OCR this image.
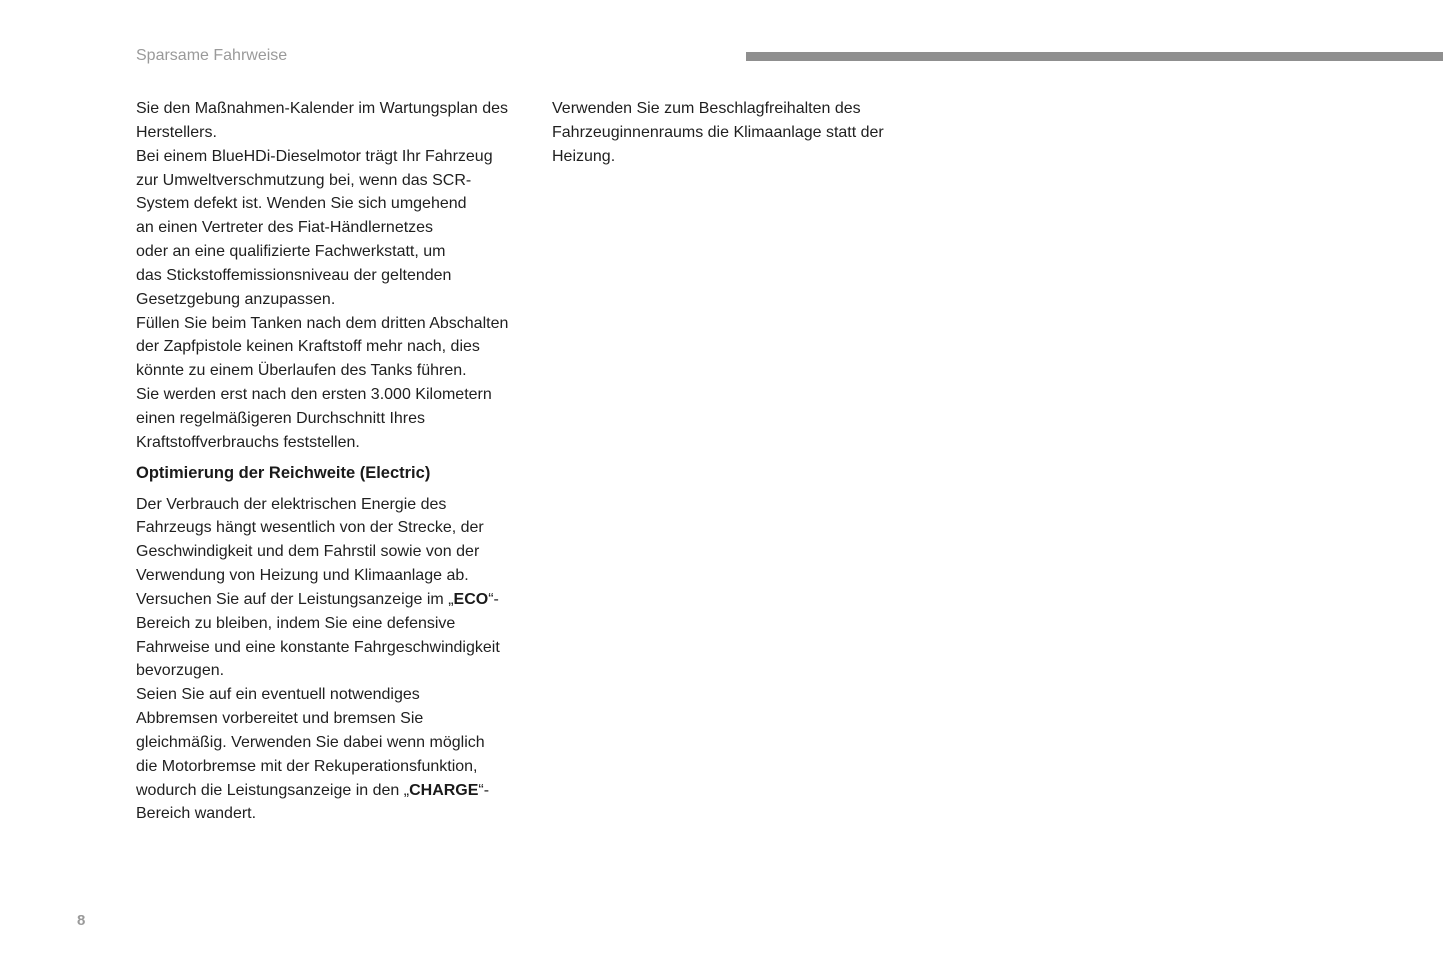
Sparsame Fahrweise
Sie den Maßnahmen-Kalender im Wartungsplan des
Herstellers.
Bei einem BlueHDi-Dieselmotor trägt Ihr Fahrzeug
zur Umweltverschmutzung bei, wenn das SCR-
System defekt ist. Wenden Sie sich umgehend
an einen Vertreter des Fiat-Händlernetzes
oder an eine qualifizierte Fachwerkstatt, um
das Stickstoffemissionsniveau der geltenden
Gesetzgebung anzupassen.
Füllen Sie beim Tanken nach dem dritten Abschalten
der Zapfpistole keinen Kraftstoff mehr nach, dies
könnte zu einem Überlaufen des Tanks führen.
Sie werden erst nach den ersten 3.000 Kilometern
einen regelmäßigeren Durchschnitt Ihres
Kraftstoffverbrauchs feststellen.
Optimierung der Reichweite (Electric)
Der Verbrauch der elektrischen Energie des
Fahrzeugs hängt wesentlich von der Strecke, der
Geschwindigkeit und dem Fahrstil sowie von der
Verwendung von Heizung und Klimaanlage ab.
Versuchen Sie auf der Leistungsanzeige im „ECO“-
Bereich zu bleiben, indem Sie eine defensive
Fahrweise und eine konstante Fahrgeschwindigkeit
bevorzugen.
Seien Sie auf ein eventuell notwendiges
Abbremsen vorbereitet und bremsen Sie
gleichmäßig. Verwenden Sie dabei wenn möglich
die Motorbremse mit der Rekuperationsfunktion,
wodurch die Leistungsanzeige in den „CHARGE“-
Bereich wandert.
Verwenden Sie zum Beschlagfreihalten des
Fahrzeuginnenraums die Klimaanlage statt der
Heizung.
8
